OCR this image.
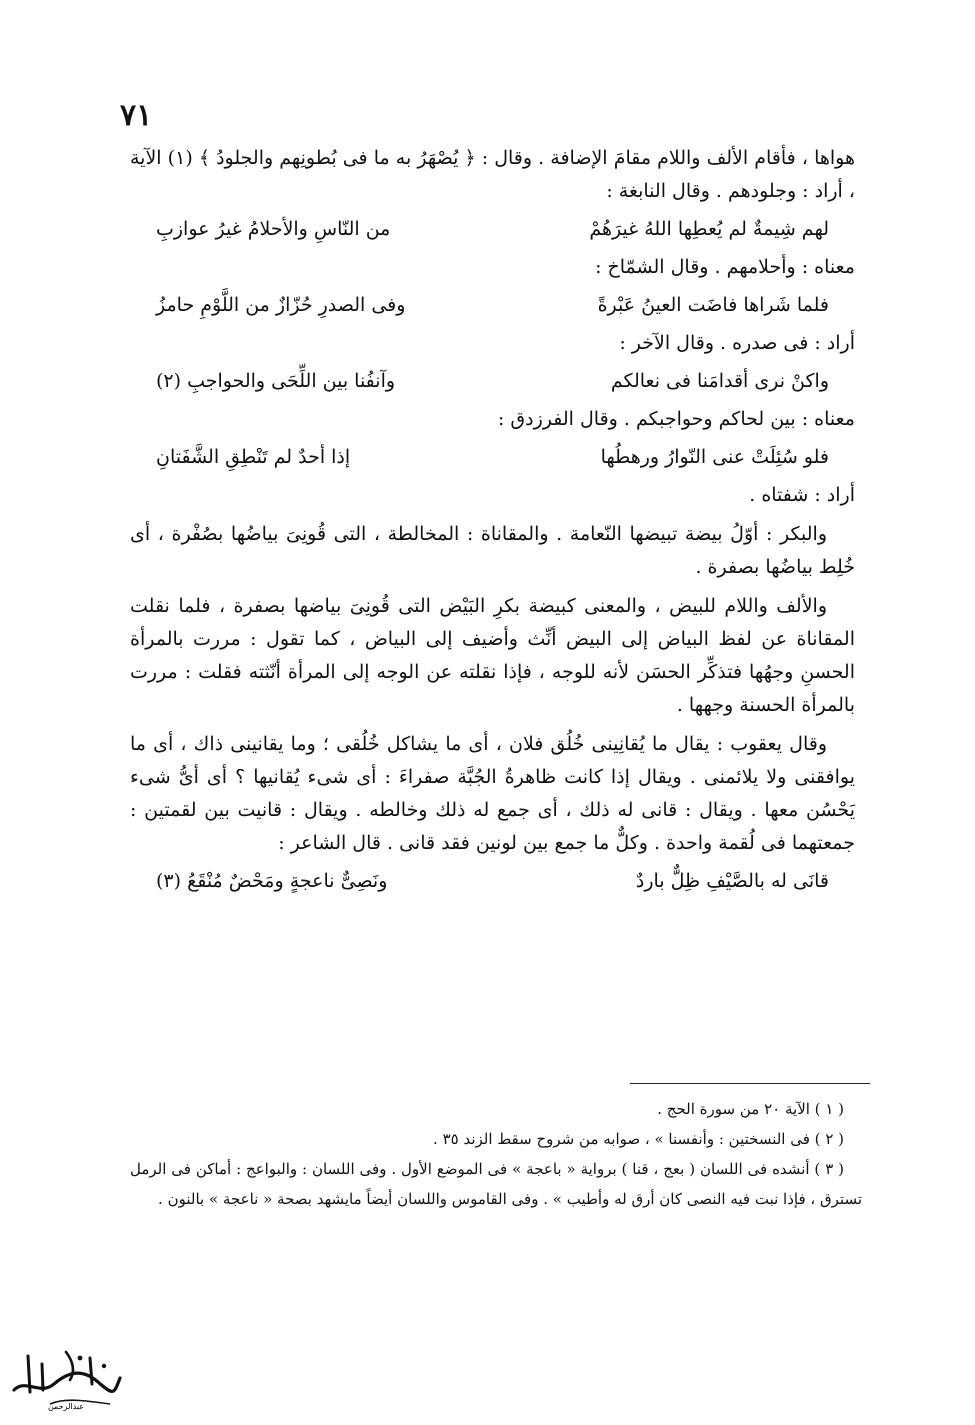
٧١

هواها ، فأقام الألف واللام مقامَ الإضافة . وقال : ﴿ يُصْهَرُ به ما فى بُطونِهم والجلودُ ﴾ (١) الآية ، أراد : وجلودهم . وقال النابغة :

لهم شِيمةٌ لم يُعطِها اللهُ غيرَهُمْ
من النّاسِ والأحلامُ غيرُ عوازبِ

معناه : وأحلامهم . وقال الشمّاخ :

فلما شَراها فاضَت العينُ عَبْرةً
وفى الصدرِ حُزّازٌ من اللَّوْمِ حامزُ

أراد : فى صدره . وقال الآخر :

واكنْ نرى أقدامَنا فى نعالكم
وآنفُنا بين اللِّحَى والحواجبِ (٢)

معناه : بين لحاكم وحواجبكم . وقال الفرزدق :

فلو سُئِلَتْ عنى النّوارُ ورهطُها
إذا أحدٌ لم تَنْطِقِ الشَّفَتانِ

أراد : شفتاه .

والبكر : أوّلُ بيضة تبيضها النّعامة . والمقاناة : المخالطة ، التى قُونِىَ بياضُها بصُفْرة ، أى خُلِط بياضُها بصفرة .

والألف واللام للبيض ، والمعنى كبيضة بكرِ البَيْض التى قُونِىَ بياضها بصفرة ، فلما نقلت المقاناة عن لفظ البياض إلى البيض أنِّث وأضيف إلى البياض ، كما تقول : مررت بالمرأة الحسنِ وجهُها فتذكِّر الحسَن لأنه للوجه ، فإذا نقلته عن الوجه إلى المرأة أنّثته فقلت : مررت بالمرأة الحسنة وجهها .

وقال يعقوب : يقال ما يُقانِينى خُلُق فلان ، أى ما يشاكل خُلُقى ؛ وما يقانينى ذاك ، أى ما يوافقنى ولا يلائمنى . ويقال إذا كانت ظاهرةُ الجُبَّة صفراءَ : أى شىء يُقانيها ؟ أى أىُّ شىء يَحْسُن معها . ويقال : قانى له ذلك ، أى جمع له ذلك وخالطه . ويقال : قانيت بين لقمتين : جمعتهما فى لُقمة واحدة . وكلٌّ ما جمع بين لونين فقد قانى . قال الشاعر :

قانَى له بالصَّيْفِ ظِلٌّ باردٌ
ونَصِىٌّ ناعجةٍ ومَحْضٌ مُنْقَعُ (٣)

( ١ ) الآية ٢٠ من سورة الحج .

( ٢ ) فى النسختين : وأنفسنا » ، صوابه من شروح سقط الزند ٣٥ .

( ٣ ) أنشده فى اللسان ( بعج ، قنا ) برواية « باعجة » فى الموضع الأول . وفى اللسان : والبواعج : أماكن فى الرمل تسترق ، فإذا نبت فيه النصى كان أرق له وأطيب » . وفى القاموس واللسان أيضاً مايشهد بصحة « ناعجة » بالنون .

عبدالرحمن
المستهام
